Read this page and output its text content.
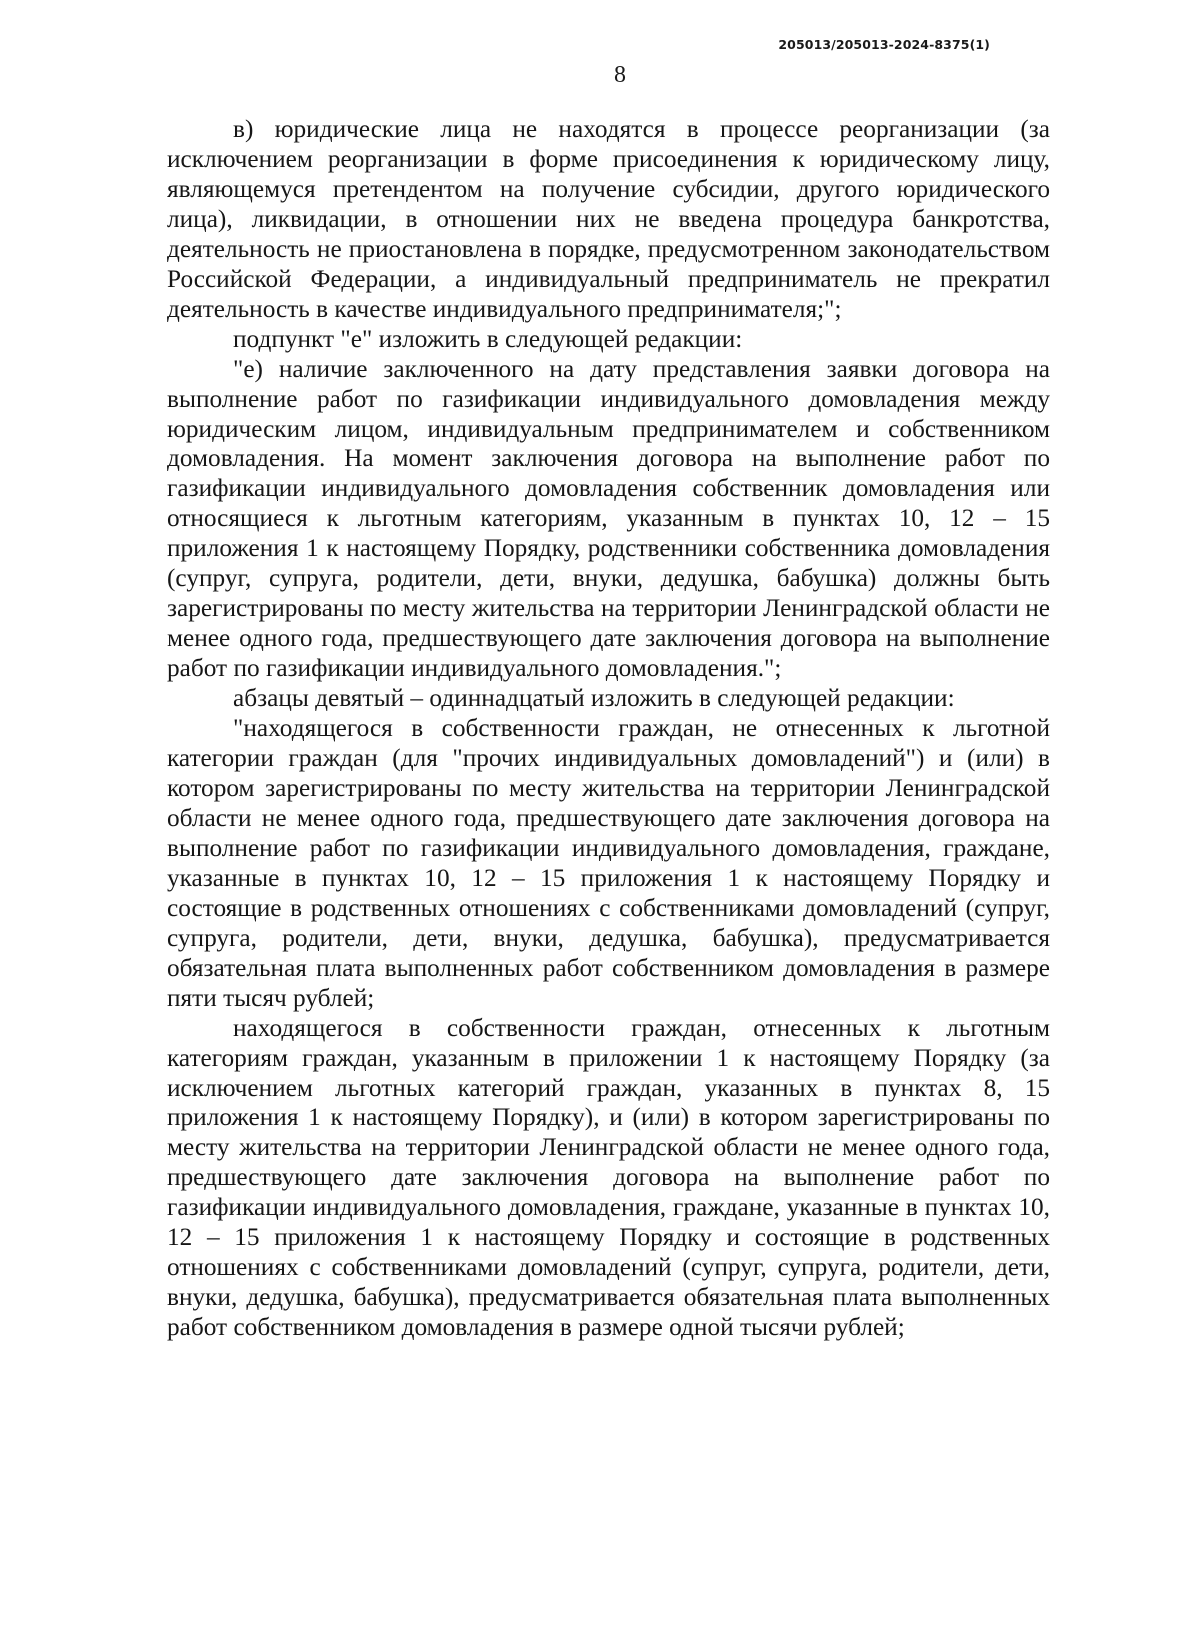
205013/205013-2024-8375(1)
8

в) юридические лица не находятся в процессе реорганизации (за исключением реорганизации в форме присоединения к юридическому лицу, являющемуся претендентом на получение субсидии, другого юридического лица), ликвидации, в отношении них не введена процедура банкротства, деятельность не приостановлена в порядке, предусмотренном законодательством Российской Федерации, а индивидуальный предприниматель не прекратил деятельность в качестве индивидуального предпринимателя;";

подпункт "е" изложить в следующей редакции:

"е) наличие заключенного на дату представления заявки договора на выполнение работ по газификации индивидуального домовладения между юридическим лицом, индивидуальным предпринимателем и собственником домовладения. На момент заключения договора на выполнение работ по газификации индивидуального домовладения собственник домовладения или относящиеся к льготным категориям, указанным в пунктах 10, 12 – 15 приложения 1 к настоящему Порядку, родственники собственника домовладения (супруг, супруга, родители, дети, внуки, дедушка, бабушка) должны быть зарегистрированы по месту жительства на территории Ленинградской области не менее одного года, предшествующего дате заключения договора на выполнение работ по газификации индивидуального домовладения.";

абзацы девятый – одиннадцатый изложить в следующей редакции:

"находящегося в собственности граждан, не отнесенных к льготной категории граждан (для "прочих индивидуальных домовладений") и (или) в котором зарегистрированы по месту жительства на территории Ленинградской области не менее одного года, предшествующего дате заключения договора на выполнение работ по газификации индивидуального домовладения, граждане, указанные в пунктах 10, 12 – 15 приложения 1 к настоящему Порядку и состоящие в родственных отношениях с собственниками домовладений (супруг, супруга, родители, дети, внуки, дедушка, бабушка), предусматривается обязательная плата выполненных работ собственником домовладения в размере пяти тысяч рублей;

находящегося в собственности граждан, отнесенных к льготным категориям граждан, указанным в приложении 1 к настоящему Порядку (за исключением льготных категорий граждан, указанных в пунктах 8, 15 приложения 1 к настоящему Порядку), и (или) в котором зарегистрированы по месту жительства на территории Ленинградской области не менее одного года, предшествующего дате заключения договора на выполнение работ по газификации индивидуального домовладения, граждане, указанные в пунктах 10, 12 – 15 приложения 1 к настоящему Порядку и состоящие в родственных отношениях с собственниками домовладений (супруг, супруга, родители, дети, внуки, дедушка, бабушка), предусматривается обязательная плата выполненных работ собственником домовладения в размере одной тысячи рублей;
